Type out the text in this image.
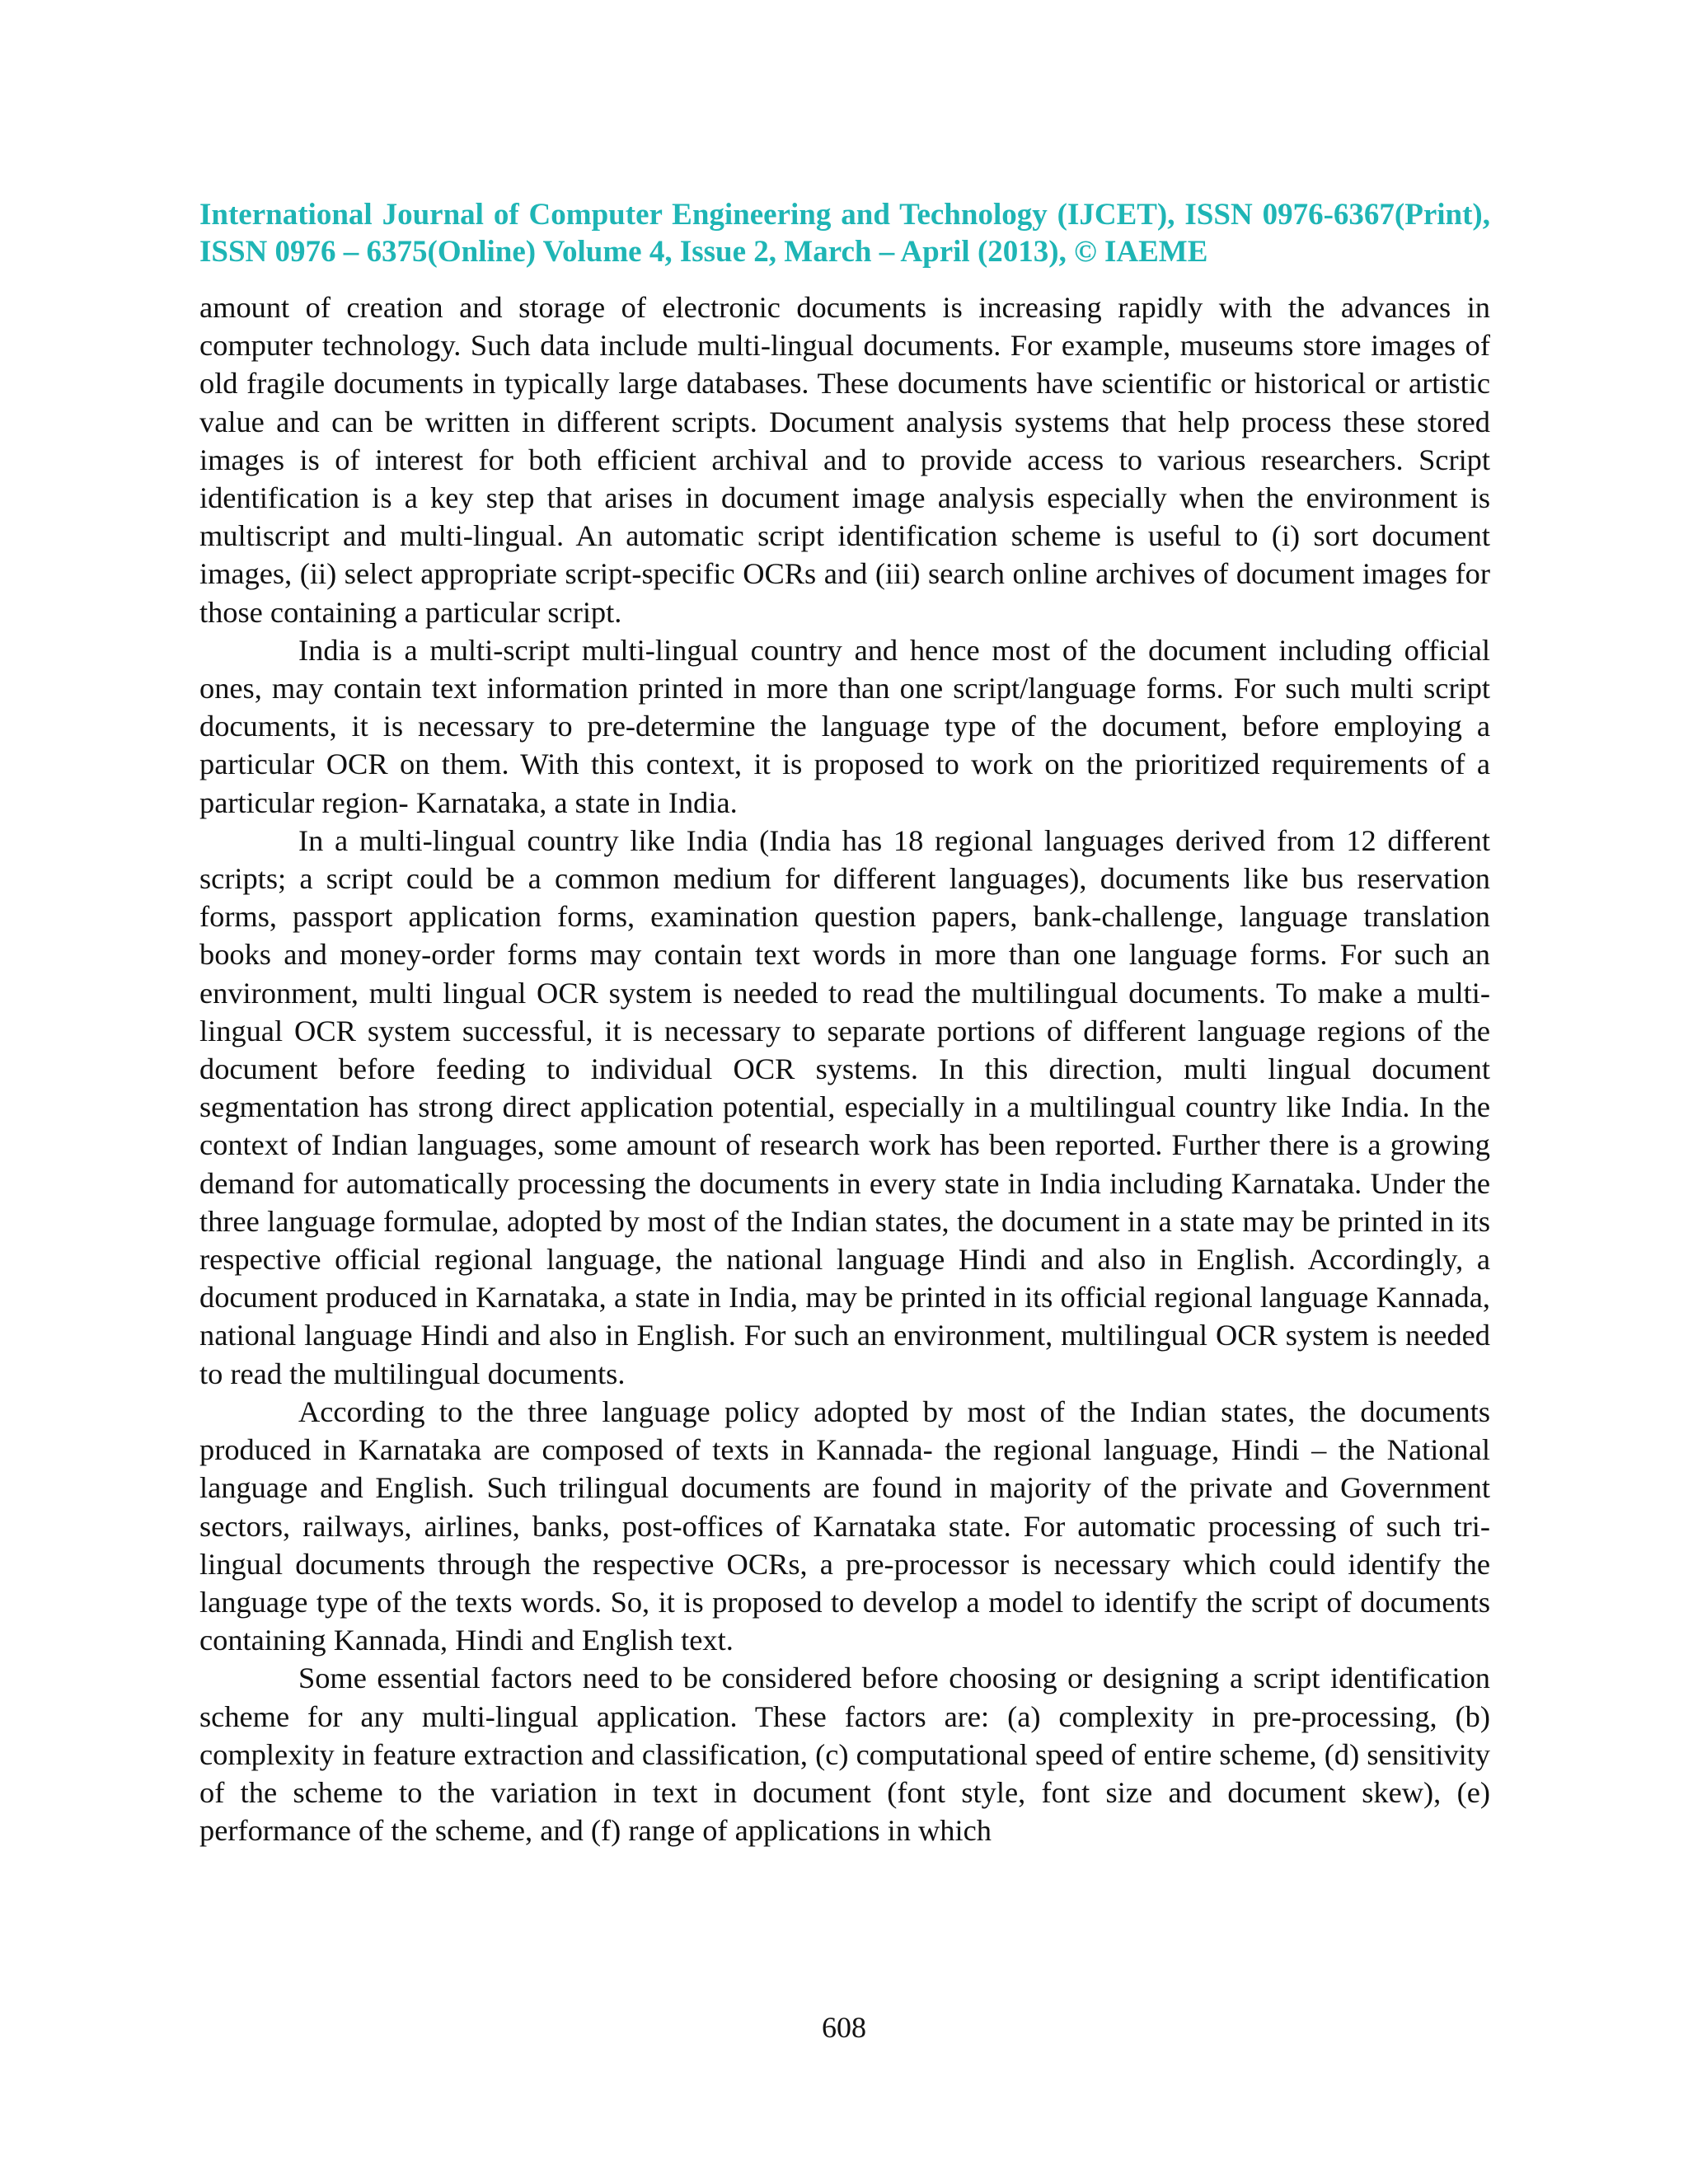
International Journal of Computer Engineering and Technology (IJCET), ISSN 0976-6367(Print), ISSN 0976 – 6375(Online) Volume 4, Issue 2, March – April (2013), © IAEME

amount of creation and storage of electronic documents is increasing rapidly with the advances in computer technology. Such data include multi-lingual documents. For example, museums store images of old fragile documents in typically large databases. These documents have scientific or historical or artistic value and can be written in different scripts. Document analysis systems that help process these stored images is of interest for both efficient archival and to provide access to various researchers. Script identification is a key step that arises in document image analysis especially when the environment is multiscript and multi-lingual. An automatic script identification scheme is useful to (i) sort document images, (ii) select appropriate script-specific OCRs and (iii) search online archives of document images for those containing a particular script.

India is a multi-script multi-lingual country and hence most of the document including official ones, may contain text information printed in more than one script/language forms. For such multi script documents, it is necessary to pre-determine the language type of the document, before employing a particular OCR on them. With this context, it is proposed to work on the prioritized requirements of a particular region- Karnataka, a state in India.

In a multi-lingual country like India (India has 18 regional languages derived from 12 different scripts; a script could be a common medium for different languages), documents like bus reservation forms, passport application forms, examination question papers, bank-challenge, language translation books and money-order forms may contain text words in more than one language forms. For such an environment, multi lingual OCR system is needed to read the multilingual documents. To make a multi-lingual OCR system successful, it is necessary to separate portions of different language regions of the document before feeding to individual OCR systems. In this direction, multi lingual document segmentation has strong direct application potential, especially in a multilingual country like India. In the context of Indian languages, some amount of research work has been reported. Further there is a growing demand for automatically processing the documents in every state in India including Karnataka. Under the three language formulae, adopted by most of the Indian states, the document in a state may be printed in its respective official regional language, the national language Hindi and also in English. Accordingly, a document produced in Karnataka, a state in India, may be printed in its official regional language Kannada, national language Hindi and also in English. For such an environment, multilingual OCR system is needed to read the multilingual documents.

According to the three language policy adopted by most of the Indian states, the documents produced in Karnataka are composed of texts in Kannada- the regional language, Hindi – the National language and English. Such trilingual documents are found in majority of the private and Government sectors, railways, airlines, banks, post-offices of Karnataka state. For automatic processing of such tri-lingual documents through the respective OCRs, a pre-processor is necessary which could identify the language type of the texts words. So, it is proposed to develop a model to identify the script of documents containing Kannada, Hindi and English text.

Some essential factors need to be considered before choosing or designing a script identification scheme for any multi-lingual application. These factors are: (a) complexity in pre-processing, (b) complexity in feature extraction and classification, (c) computational speed of entire scheme, (d) sensitivity of the scheme to the variation in text in document (font style, font size and document skew), (e) performance of the scheme, and (f) range of applications in which

608
